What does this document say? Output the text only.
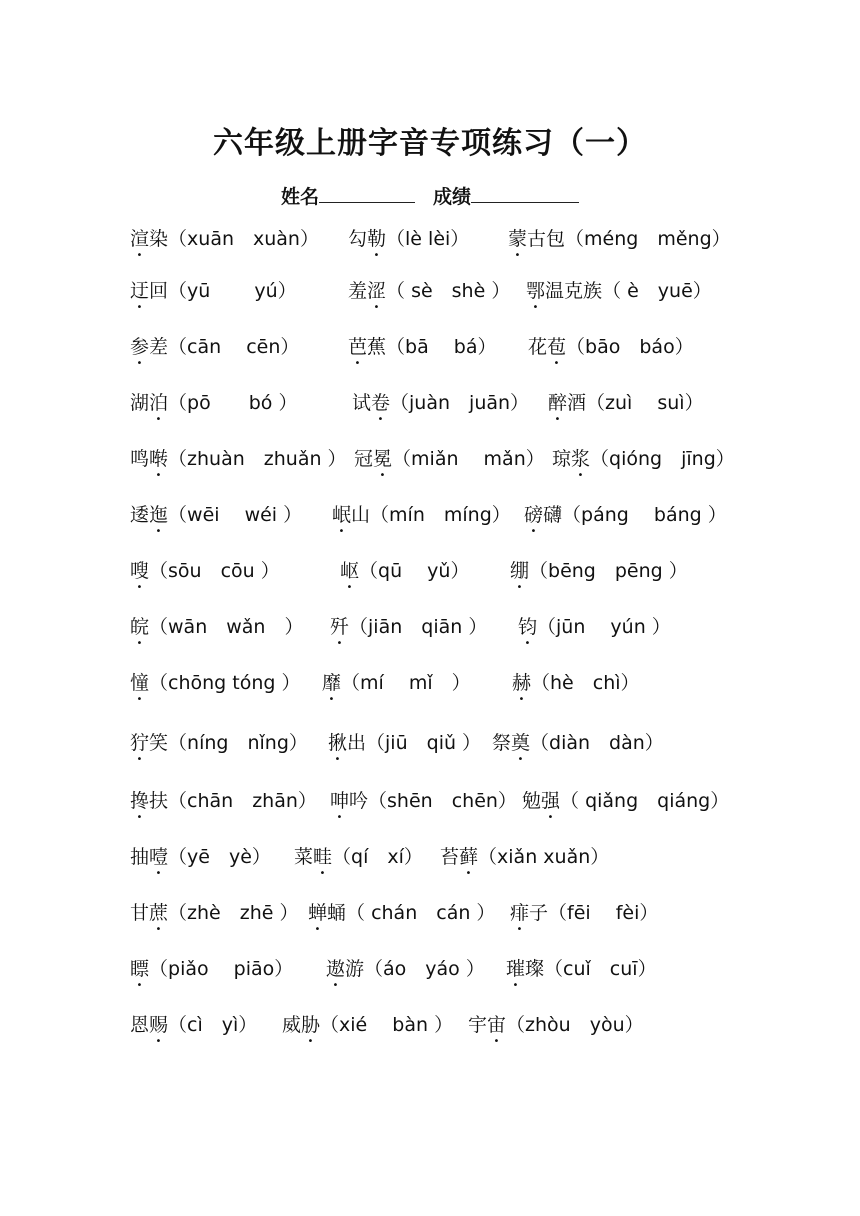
六年级上册字音专项练习（一）
姓名	成绩
渲染（xuān　xuàn） 勾勒（lè lèi） 蒙古包（méng　měng）
迂回（yū　　 yú）	羞涩（ sè　shè ） 鄂温克族（ è　yuē）
参差（cān　 cēn）	芭蕉（bā　 bá） 花苞（bāo　báo）
湖泊（pō　　bó ）	试卷（juàn　juān） 醉酒（zuì　 suì）
鸣啭（zhuàn　zhuǎn ） 冠冕（miǎn　 mǎn） 琼浆（qióng　jīng）
逶迤（wēi　 wéi ） 岷山（mín　míng） 磅礴（páng　 báng ）
嗖（sōu　cōu ）	岖（qū　 yǔ） 绷（bēng　pēng ）
皖（wān　wǎn　） 歼（jiān　qiān ） 钧（jūn　 yún ）
憧（chōng tóng ） 靡（mí　 mǐ　） 赫（hè　chì）
狞笑（níng　nǐng） 揪出（jiū　qiǔ ） 祭奠（diàn　dàn）
搀扶（chān　zhān） 呻吟（shēn　chēn） 勉强（ qiǎng　qiáng）
抽噎（yē　yè） 菜畦（qí　xí） 苔藓（xiǎn xuǎn）
甘蔗（zhè　zhē ） 蝉蛹（ chán　cán ） 痱子（fēi　 fèi）
瞟（piǎo　 piāo） 遨游（áo　yáo ） 璀璨（cuǐ　cuī）
恩赐（cì　yì） 威胁（xié　 bàn ） 宇宙（zhòu　yòu）
